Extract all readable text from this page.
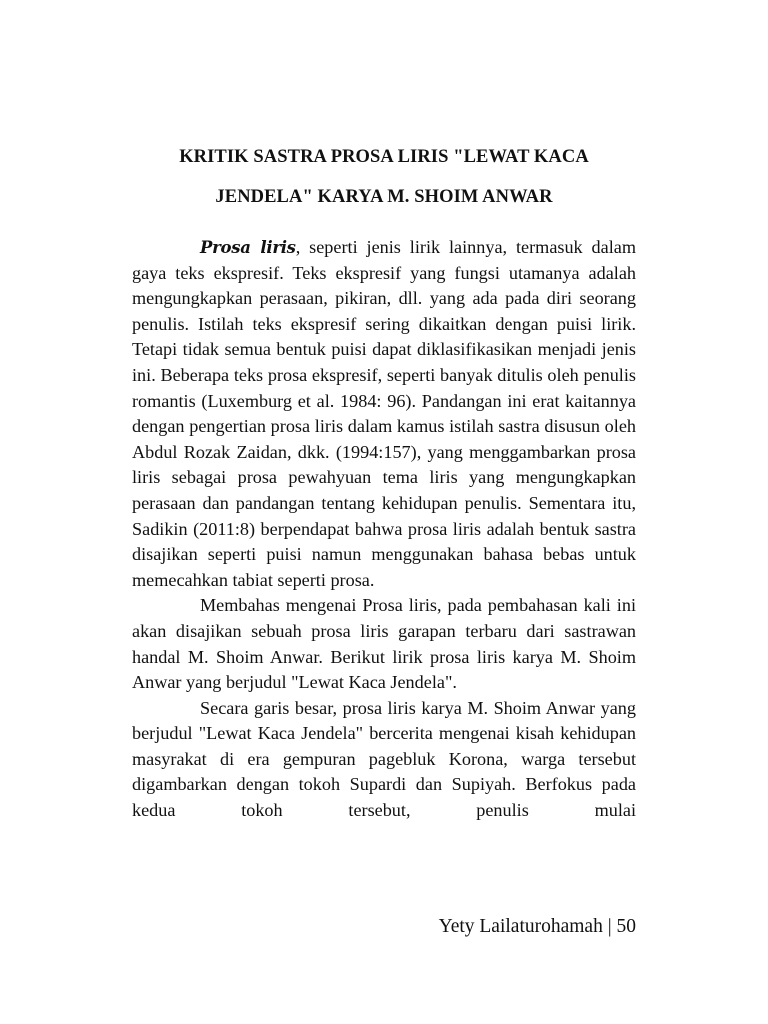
KRITIK SASTRA PROSA LIRIS "LEWAT KACA
JENDELA" KARYA M. SHOIM ANWAR

Prosa liris, seperti jenis lirik lainnya, termasuk dalam gaya teks ekspresif. Teks ekspresif yang fungsi utamanya adalah mengungkapkan perasaan, pikiran, dll. yang ada pada diri seorang penulis. Istilah teks ekspresif sering dikaitkan dengan puisi lirik. Tetapi tidak semua bentuk puisi dapat diklasifikasikan menjadi jenis ini. Beberapa teks prosa ekspresif, seperti banyak ditulis oleh penulis romantis (Luxemburg et al. 1984: 96). Pandangan ini erat kaitannya dengan pengertian prosa liris dalam kamus istilah sastra disusun oleh Abdul Rozak Zaidan, dkk. (1994:157), yang menggambarkan prosa liris sebagai prosa pewahyuan tema liris yang mengungkapkan perasaan dan pandangan tentang kehidupan penulis. Sementara itu, Sadikin (2011:8) berpendapat bahwa prosa liris adalah bentuk sastra disajikan seperti puisi namun menggunakan bahasa bebas untuk memecahkan tabiat seperti prosa.

Membahas mengenai Prosa liris, pada pembahasan kali ini akan disajikan sebuah prosa liris garapan terbaru dari sastrawan handal M. Shoim Anwar. Berikut lirik prosa liris karya M. Shoim Anwar yang berjudul "Lewat Kaca Jendela".

Secara garis besar, prosa liris karya M. Shoim Anwar yang berjudul "Lewat Kaca Jendela" bercerita mengenai kisah kehidupan masyrakat di era gempuran pagebluk Korona, warga tersebut digambarkan dengan tokoh Supardi dan Supiyah. Berfokus pada kedua tokoh tersebut, penulis mulai

Yety Lailaturohamah | 50
